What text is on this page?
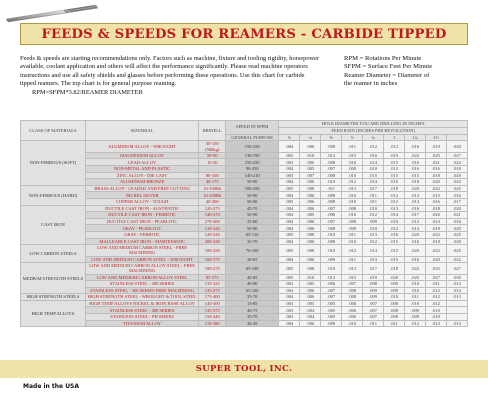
FEEDS & SPEEDS FOR REAMERS - CARBIDE TIPPED
Feeds & speeds are starting recommendations only. Factors such as machine, fixture and tooling rigidity, horsepower available, coolant application and others will affect the performance significantly. Please read machine operators instructions and use all safety shields and glasses before performing these operations. Use this chart for carbide tipped reamers. The top chart is for general purpose reaming.
RPM=SFPM*3.82/REAMER DIAMETER
RPM = Rotations Per Minute
SFPM = Surface Feet Per Minute
Reamer Diameter = Diameter of
the reamer in inches
CLASS OF MATERIALS	MATERIAL	BRINELL	SPEED IN SFPM	HOLE DIAMETER YOU ARE DRILLING IN INCHES								
				FEED RATE (INCHES PER REVOLUTION)								
			GENERAL PURPOSE	⅛	¼	⅜	½	¾	1	1¼	1½	
NON-FERROUS (SOFT)	ALUMINUM ALLOY - WROUGHT	30-150 (500kg)	150-250	.004	.006	.008	.011	.012	.013	.016	.019	.020
	MAGNESIUM ALLOY	50-90	130-190	.005	.010	.012	.015	.016	.019	.022	.025	.027
	LEAD ALLOY	10-20	150-250	.003	.006	.008	.010	.014	.015	.016	.021	.022
	NON-METAL AND PLASTIC		90-250	.004	.005	.007	.008	.010	.012	.016	.016	.018
	ZINC ALLOY - DIE CAST	80-100	140-210	.005	.007	.008	.010	.015	.015	.015	.018	.020
	ALUMINUM BRONZE	40-175	50-90	.004	.006	.010	.012	.014	.016	.018	.020	.022
NON-FERROUS (HARD)	BRASS ALLOY - LEADED AND FREE CUTTING	10-100Rb	100-250	.005	.008	.011	.013	.017	.018	.020	.022	.025
	NICKEL SILVER	10-100Rb	50-90	.004	.006	.008	.010	.011	.012	.014	.015	.016
	COPPER ALLOY - TOUGH	40-200	50-90	.005	.006	.008	.010	.011	.012	.014	.016	.017
CAST IRON	DUCTILE CAST IRON - AUSTENITIC	120-275	45-70	.004	.006	.007	.008	.010	.013	.016	.018	.020
	DUCTILE CAST IRON - FERRITIC	140-270	50-90	.004	.005	.006	.010	.012	.014	.017	.020	.021
	DUCTILE CAST IRON - PEARLITIC	270-400	35-60	.004	.006	.007	.008	.009	.010	.012	.014	.016
	GRAY - PEARLITIC	120-320	50-90	.004	.006	.008	.009	.010	.012	.014	.018	.020
	GRAY - FERRITIC	120-220	65-110	.005	.008	.010	.011	.013	.016	.020	.022	.025
	MALLEABLE CAST IRON - MARTENSITIC	200-320	35-70	.004	.006	.008	.010	.012	.015	.016	.018	.020
LOW CARBON STEELS	LOW AND MEDIUM CARBON STEEL - FREE MACHINING	100-250	70-100	.005	.008	.010	.012	.014	.015	.020	.022	.025
	LOW AND MEDIUM CARBON STEEL - WROUGHT	100-375	30-65	.004	.006	.009	.011	.013	.015	.016	.020	.022
MEDIUM STRENGTH STEELS	LOW AND MEDIUM CARBON ALLOY STEEL - FREE MACHINING	100-275	65-100	.005	.008	.010	.013	.017	.018	.022	.025	.027
	LOW AND MEDIUM CARBON ALLOY STEEL	85-375	40-85	.005	.010	.012	.015	.019	.020	.025	.027	.030
	STAINLESS STEEL - 400 SERIES	135-325	40-90	.003	.005	.006	.007	.008	.009	.010	.011	.012
	STAINLESS STEEL - 300 SERIES FREE MACHINING	135-275	65-100	.004	.006	.007	.008	.009	.009	.010	.012	.014
HIGH STRENGTH STEELS	HIGH STRENGTH STEEL - WROUGHT & TOOL STEEL	175-400	35-70	.004	.006	.007	.008	.009	.010	.011	.012	.013
HIGH TEMP ALLOYS	HIGH TEMP ALLOYS NICKEL & IRON BASE ALLOY	140-300	15-85	.003	.005	.005	.006	.007	.008	.010	.012	
	STAINLESS STEEL - 400 SERIES	135-375	40-75	.003	.004	.005	.006	.007	.008	.009	.010	
	STAINLESS STEEL - PH SERIES	150-440	35-70	.003	.004	.005	.006	.007	.008	.009	.010	
	TITANIUM ALLOY	110-380	30-45	.004	.006	.008	.010	.011	.011	.012	.013	.014
SUPER TOOL, INC.
Made in the USA
